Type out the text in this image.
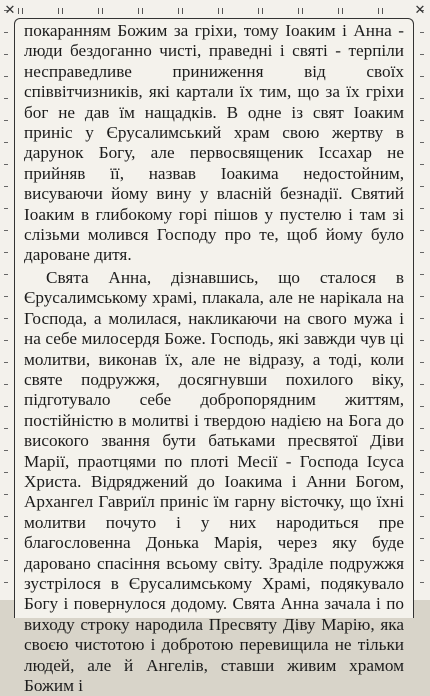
✕	✕

покаранням Божим за гріхи, тому Іоаким і Анна - люди бездоганно чисті, праведні і святі - терпіли несправедливе приниження від своїх співвітчизників, які картали їх тим, що за їх гріхи бог не дав їм нащадків. В одне із свят Іоаким приніс у Єрусалимський храм свою жертву в дарунок Богу, але первосвященик Іссахар не прийняв її, назвав Іоакима недостойним, висуваючи йому вину у власній безнадії. Святий Іоаким в глибокому горі пішов у пустелю і там зі слізьми молився Господу про те, щоб йому було дароване дитя.

Свята Анна, дізнавшись, що сталося в Єрусалимському храмі, плакала, але не нарікала на Господа, а молилася, накликаючи на свого мужа і на себе милосердя Боже. Господь, які завжди чув ці молитви, виконав їх, але не відразу, а тоді, коли святе подружжя, досягнувши похилого віку, підготувало себе добропорядним життям, постійністю в молитві і твердою надією на Бога до високого звання бути батьками пресвятої Діви Марії, праотцями по плоті Месії - Господа Ісуса Христа. Відряджений до Іоакима і Анни Богом, Архангел Гавриїл приніс їм гарну вісточку, що їхні молитви почуто і у них народиться пре благословенна Донька Марія, через яку буде даровано спасіння всьому світу. Зраділе подружжя зустрілося в Єрусалимському Храмі, подякувало Богу і повернулося додому. Свята Анна зачала і по виходу строку народила Пресвяту Діву Марію, яка своєю чистотою і добротою перевищила не тільки людей, але й Ангелів, ставши живим храмом Божим і
